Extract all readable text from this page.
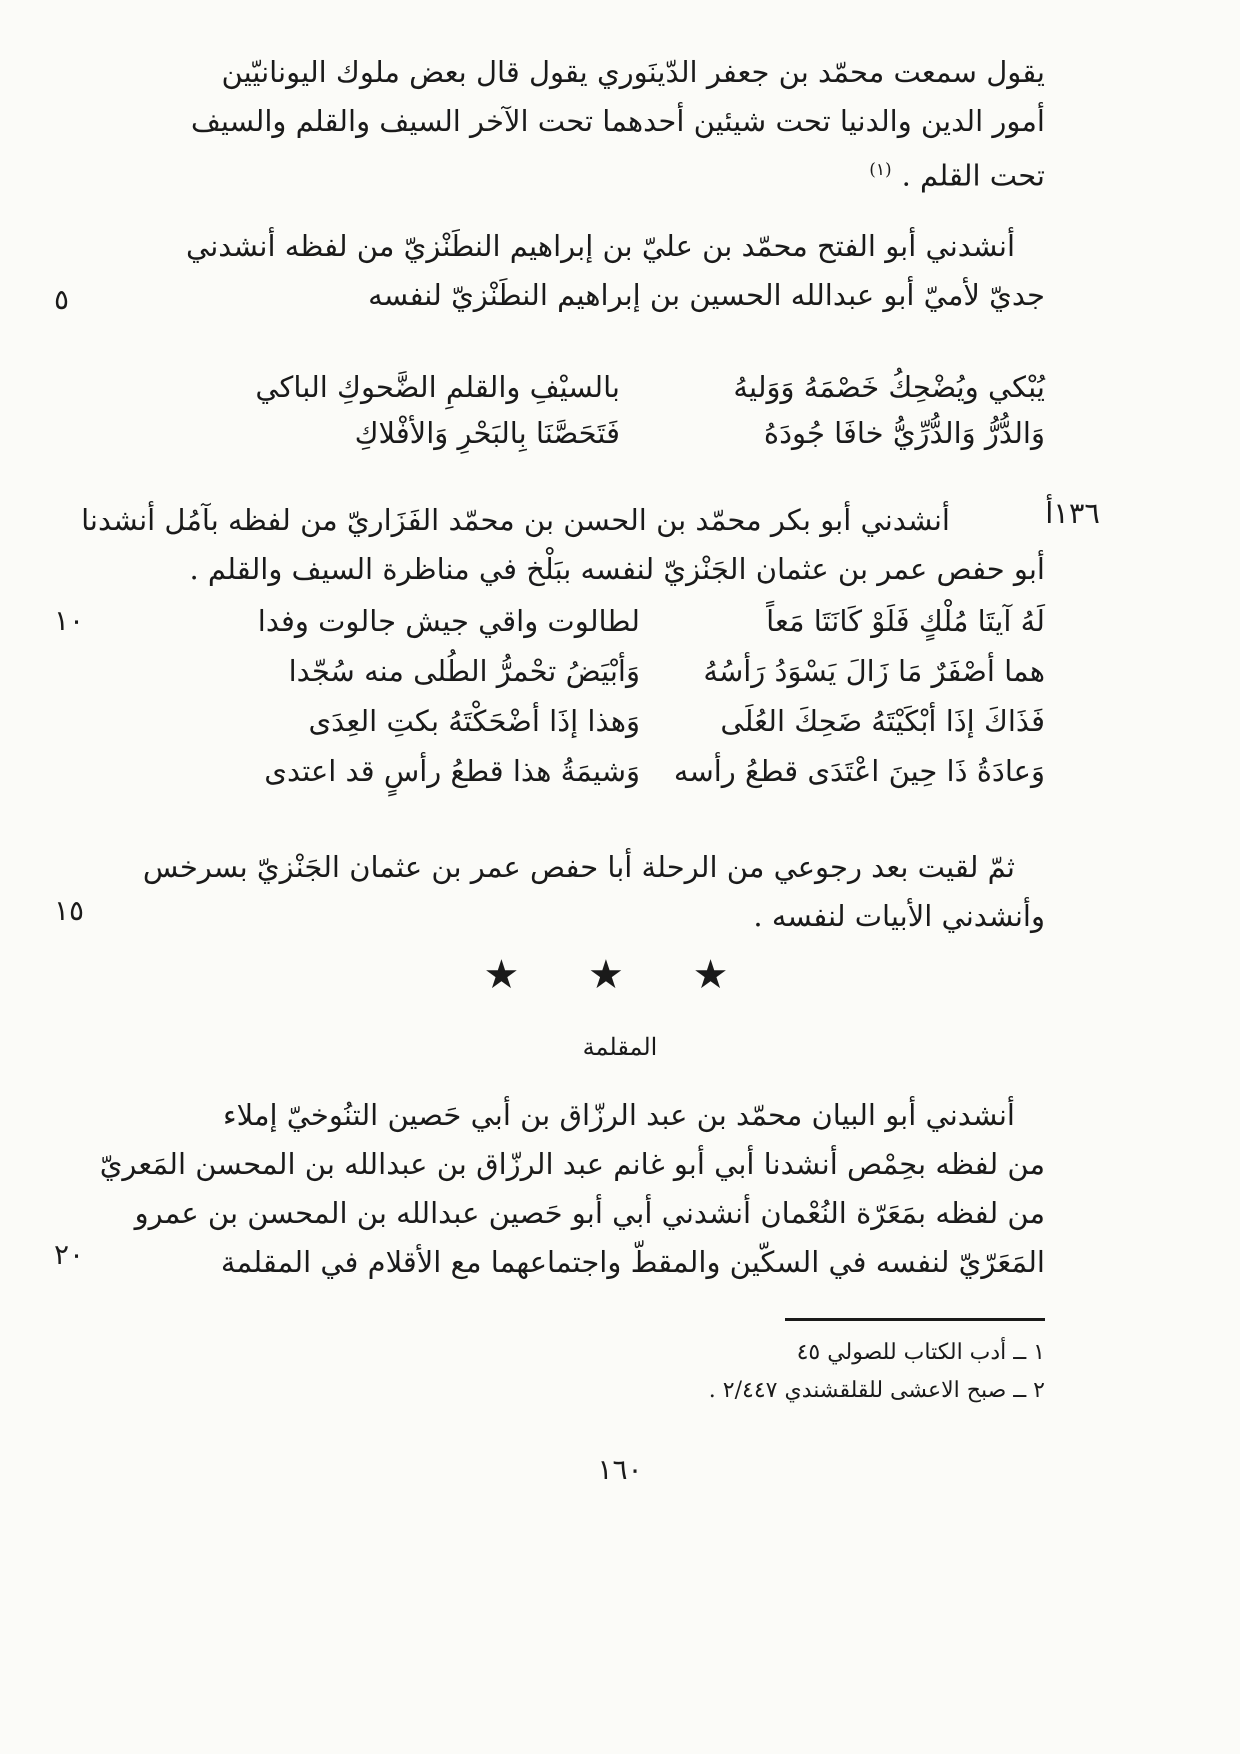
يقول سمعت محمّد بن جعفر الدّينَوري يقول قال بعض ملوك اليونانيّين
أمور الدين والدنيا تحت شيئين أحدهما تحت الآخر السيف والقلم والسيف
تحت القلم .$^{(١)}$
أنشدني أبو الفتح محمّد بن عليّ بن إبراهيم النطَنْزيّ من لفظه أنشدني
جديّ لأميّ أبو عبدالله الحسين بن إبراهيم النطَنْزيّ لنفسه
٥
يُبْكي ويُضْحِكُ خَصْمَهُ وَوَليهُ
بالسيْفِ والقلمِ الضَّحوكِ الباكي
وَالدُّرُّ وَالدُّرِّيُّ خافَا جُودَهُ
فَتَحَصَّنَا بِالبَحْرِ وَالأفْلاكِ
١٣٦أ
أنشدني أبو بكر محمّد بن الحسن بن محمّد الفَزَاريّ من لفظه بآمُل أنشدنا
أبو حفص عمر بن عثمان الجَنْزيّ لنفسه ببَلْخ في مناظرة السيف والقلم .
لَهُ آيتَا مُلْكٍ فَلَوْ كَانَتَا مَعاً
لطالوت واقي جيش جالوت وفدا
١٠
هما أصْفَرٌ مَا زَالَ يَسْوَدُ رَأسُهُ
وَأبْيَضُ تحْمرُّ الطُلى منه سُجّدا
فَذَاكَ إذَا أبْكَيْتَهُ ضَحِكَ العُلَى
وَهذا إذَا أضْحَكْتَهُ بكتِ العِدَى
وَعادَةُ ذَا حِينَ اعْتَدَى قطعُ رأسه
وَشيمَةُ هذا قطعُ رأسٍ قد اعتدى
ثمّ لقيت بعد رجوعي من الرحلة أبا حفص عمر بن عثمان الجَنْزيّ بسرخس
وأنشدني الأبيات لنفسه .
١٥
★ ★ ★
المقلمة
أنشدني أبو البيان محمّد بن عبد الرزّاق بن أبي حَصين التنُوخيّ إملاء
من لفظه بحِمْص أنشدنا أبي أبو غانم عبد الرزّاق بن عبدالله بن المحسن المَعريّ
من لفظه بمَعَرّة النُعْمان أنشدني أبي أبو حَصين عبدالله بن المحسن بن عمرو
المَعَرّيّ لنفسه في السكّين والمقطّ واجتماعهما مع الأقلام في المقلمة
٢٠
١ ــ أدب الكتاب للصولي ٤٥
٢ ــ صبح الاعشى للقلقشندي ٢/٤٤٧ .
١٦٠
